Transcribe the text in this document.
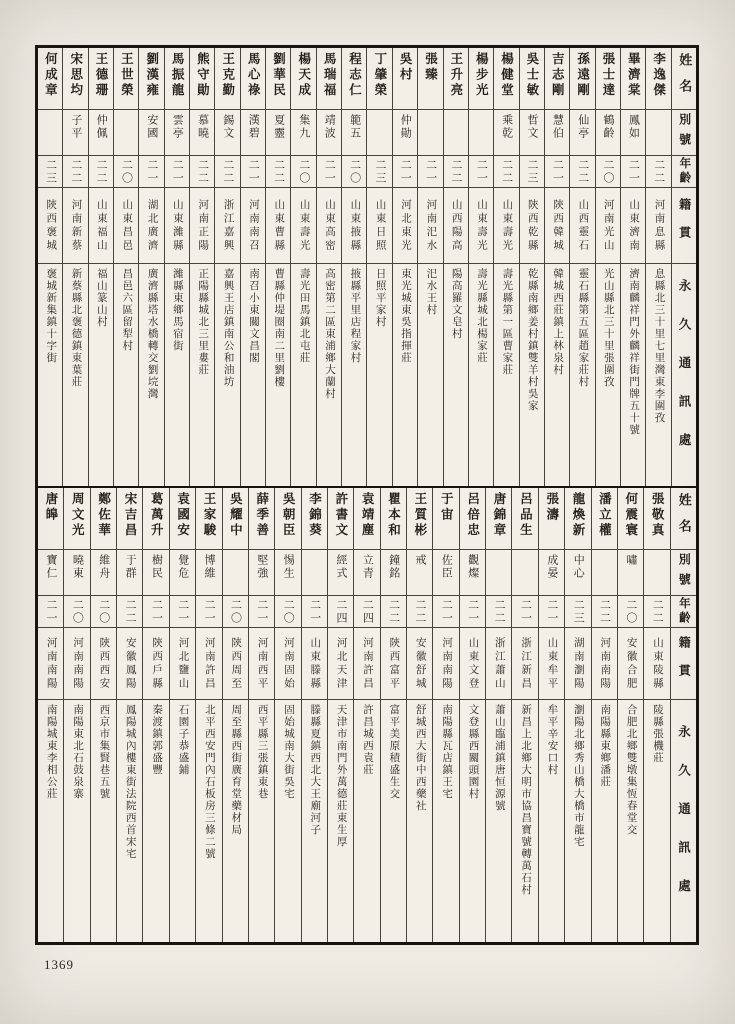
何成章
二三
陝西褒城
褒城新集鎮十字街
宋思均
子平
二二
河南新蔡
新蔡縣北褒德鎮東葉莊
王德珊
仲佩
二二
山東福山
福山篆山村
王世榮
二〇
山東昌邑
昌邑六區留犁村
劉漢雍
安國
二一
湖北廣濟
廣濟縣塔水橋轉交劉垸灣
馬振龍
雲亭
二一
山東濰縣
濰縣東鄉馬宿街
熊守勛
慕曉
二二
河南正陽
正陽縣城北三里婁莊
王克勤
錫文
二二
浙江嘉興
嘉興王店鎮南公和油坊
馬心祿
漢碧
二一
河南南召
南召小東關文昌閣
劉華民
夏靈
二二
山東曹縣
曹縣仲堤圈南二里劉樓
楊天成
集九
二〇
山東壽光
壽光田馬鎮北屯莊
馬瑞福
靖波
二一
山東高密
高密第二區東浦鄉大蘭村
程志仁
範五
二〇
山東掖縣
掖縣平里店程家村
丁肇榮
二三
山東日照
日照平家村
吳村
仲勛
二一
河北東光
東光城東吳指揮莊
張臻
二一
河南汜水
汜水王村
王升亮
二二
山西陽高
陽高羅文皂村
楊步光
二一
山東壽光
壽光縣城北楊家莊
楊健堂
乘乾
二二
山東壽光
壽光縣第一區曹家莊
吳士敏
哲文
二三
陝西乾縣
乾縣南鄉姜村鎮雙羊村吳家
吉志剛
慧伯
二一
陝西韓城
韓城西莊鎮上林泉村
孫遠剛
仙亭
二二
山西靈石
靈石縣第五區趙家莊村
張士達
鶴齡
二〇
河南光山
光山縣北三十里張圍孜
畢濟棠
鳳如
二一
山東濟南
濟南麟祥門外麟祥街門牌五十號
李逸傑
二二
河南息縣
息縣北三十里七里灣東李圍孜
姓名
別號
年齡
籍貫
永久通訊處
唐皞
寶仁
二一
河南南陽
南陽城東李相公莊
周文光
曉東
二〇
河南南陽
南陽東北石鼓泉寨
鄭佐華
維舟
二〇
陝西西安
西京市集賢巷五號
宋吉昌
于群
二二
安徽鳳陽
鳳陽城內樓東街法院西首宋宅
葛萬升
樹民
二一
陝西戶縣
秦渡鎮郭盛豐
袁國安
覺危
二一
河北鹽山
石園子恭盛鋪
王家駿
博維
二一
河南許昌
北平西安門內石板房三條二號
吳耀中
二〇
陝西周至
周至縣西街廣育堂藥材局
薛季善
堅強
二一
河南西平
西平縣三張鎮東巷
吳朝臣
惕生
二〇
河南固始
固始城南大街吳宅
李錦葵
二一
山東滕縣
滕縣夏鎮西北大王廟河子
許書文
經式
二四
河北天津
天津市南門外萬德莊東生厚
袁靖塵
立青
二四
河南許昌
許昌城西袁莊
瞿本和
鐘銘
二二
陝西富平
富平美原積盛生交
王質彬
戒
二二
安徽舒城
舒城西大街中西藥社
于宙
佐臣
二一
河南南陽
南陽縣瓦店鎮王宅
呂倍忠
觀燦
二一
山東文登
文登縣西關頭園村
唐錦章
二二
浙江蕭山
蕭山臨浦鎮唐恒源號
呂品生
二一
浙江新昌
新昌上北鄉大明市協昌寶號轉萬石村
張濤
成晏
二一
山東牟平
牟平辛安口村
龍煥新
中心
二三
湖南瀏陽
瀏陽北鄉秀山橋大橋市龍宅
潘立權
二二
河南南陽
南陽縣東鄉潘莊
何震寰
嘯
二〇
安徽合肥
合肥北鄉雙墩集恆春堂交
張敬真
二二
山東陵縣
陵縣張機莊
姓名
別號
年齡
籍貫
永久通訊處
1369
